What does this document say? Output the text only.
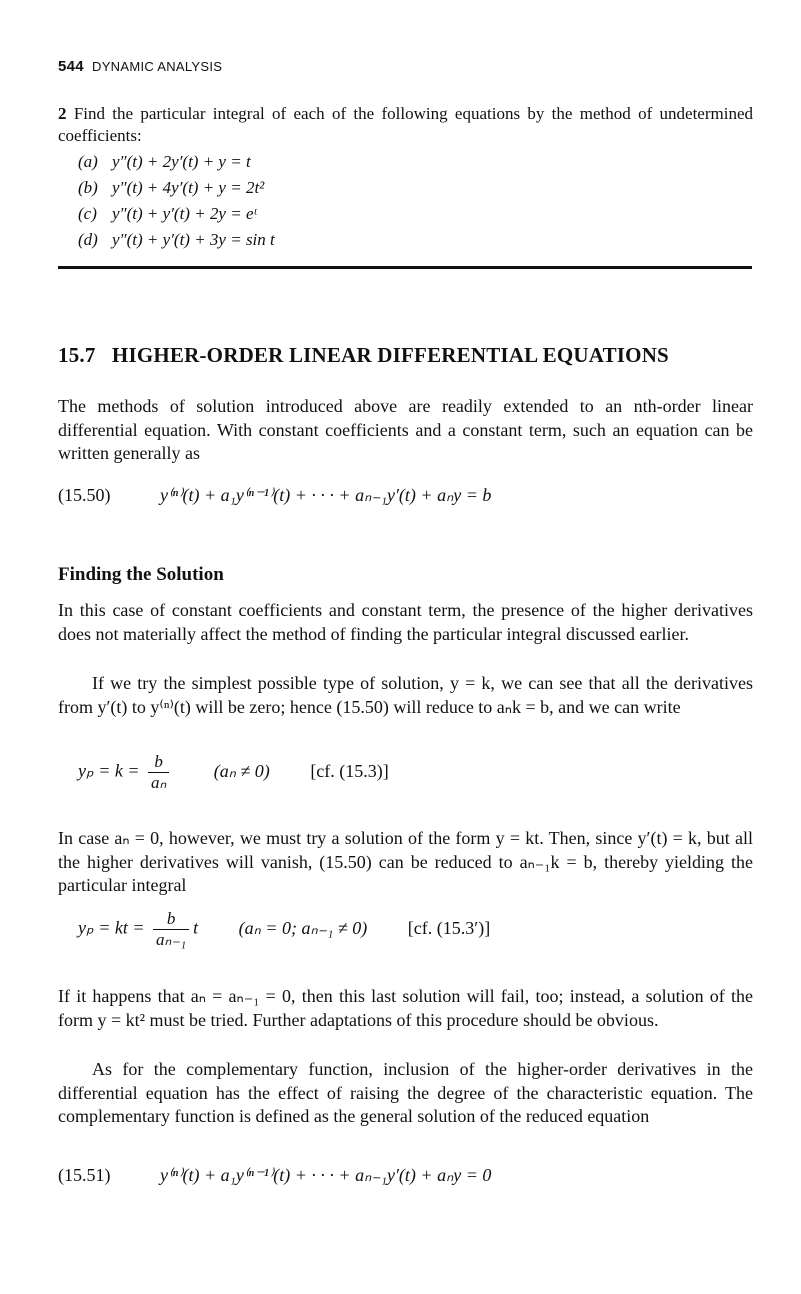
544 DYNAMIC ANALYSIS
2 Find the particular integral of each of the following equations by the method of undetermined coefficients:
(a) y″(t) + 2y′(t) + y = t
(b) y″(t) + 4y′(t) + y = 2t²
(c) y″(t) + y′(t) + 2y = eᵗ
(d) y″(t) + y′(t) + 3y = sin t
15.7 HIGHER-ORDER LINEAR DIFFERENTIAL EQUATIONS
The methods of solution introduced above are readily extended to an nth-order linear differential equation. With constant coefficients and a constant term, such an equation can be written generally as
(15.50)	y⁽ⁿ⁾(t) + a₁y⁽ⁿ⁻¹⁾(t) + · · · + aₙ₋₁y′(t) + aₙy = b
Finding the Solution
In this case of constant coefficients and constant term, the presence of the higher derivatives does not materially affect the method of finding the particular integral discussed earlier.
If we try the simplest possible type of solution, y = k, we can see that all the derivatives from y′(t) to y⁽ⁿ⁾(t) will be zero; hence (15.50) will reduce to aₙk = b, and we can write
$y_p = k = \frac{b}{\text{aₙ}} (a_n \ne 0)$ [cf. (15.3)]
In case aₙ = 0, however, we must try a solution of the form y = kt. Then, since y′(t) = k, but all the higher derivatives will vanish, (15.50) can be reduced to aₙ₋₁k = b, thereby yielding the particular integral
yₚ = kt = $\frac{b}{\text{aₙ₋₁}}$ t (aₙ = 0; aₙ₋₁ ≠ 0) [cf. (15.3′)]
If it happens that aₙ = aₙ₋₁ = 0, then this last solution will fail, too; instead, a solution of the form y = kt² must be tried. Further adaptations of this procedure should be obvious.
As for the complementary function, inclusion of the higher-order derivatives in the differential equation has the effect of raising the degree of the characteristic equation. The complementary function is defined as the general solution of the reduced equation
(15.51)	y⁽ⁿ⁾(t) + a₁y⁽ⁿ⁻¹⁾(t) + · · · + aₙ₋₁y′(t) + aₙy = 0
